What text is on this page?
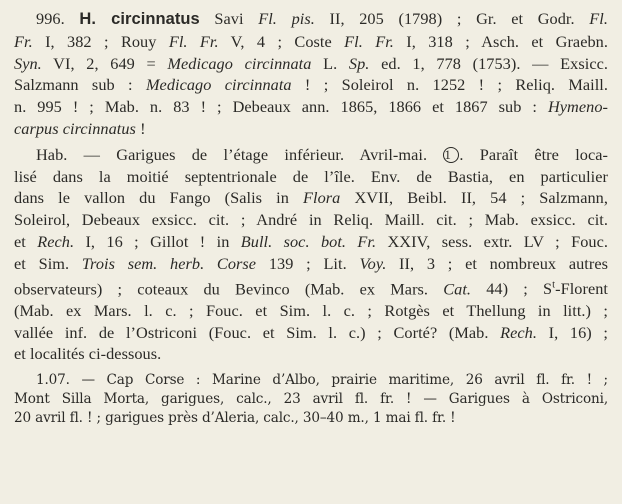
996. H. circinnatus Savi Fl. pis. II, 205 (1798) ; Gr. et Godr. Fl.
Fr. I, 382 ; Rouy Fl. Fr. V, 4 ; Coste Fl. Fr. I, 318 ; Asch. et Graebn.
Syn. VI, 2, 649 = Medicago circinnata L. Sp. ed. 1, 778 (1753). — Exsicc.
Salzmann sub : Medicago circinnata ! ; Soleirol n. 1252 ! ; Reliq. Maill.
n. 995 ! ; Mab. n. 83 ! ; Debeaux ann. 1865, 1866 et 1867 sub : Hymeno-
carpus circinnatus !
Hab. — Garigues de l’étage inférieur. Avril-mai. 1 . Paraît être loca-
lisé dans la moitié septentrionale de l’île. Env. de Bastia, en particulier
dans le vallon du Fango (Salis in Flora XVII, Beibl. II, 54 ; Salzmann,
Soleirol, Debeaux exsicc. cit. ; André in Reliq. Maill. cit. ; Mab. exsicc. cit.
et Rech. I, 16 ; Gillot ! in Bull. soc. bot. Fr. XXIV, sess. extr. LV ; Fouc.
et Sim. Trois sem. herb. Corse 139 ; Lit. Voy. II, 3 ; et nombreux autres
observateurs) ; coteaux du Bevinco (Mab. ex Mars. Cat. 44) ; $S^t$-Florent
(Mab. ex Mars. l. c. ; Fouc. et Sim. l. c. ; Rotgès et Thellung in litt.) ;
vallée inf. de l’Ostriconi (Fouc. et Sim. l. c.) ; Corté? (Mab. Rech. I, 16) ;
et localités ci-dessous.
1.07. — Cap Corse : Marine d’Albo, prairie maritime, 26 avril fl. fr. ! ;
Mont Silla Morta, garigues, calc., 23 avril fl. fr. ! — Garigues à Ostriconi,
20 avril fl. ! ; garigues près d’Aleria, calc., 30–40 m., 1 mai fl. fr. !
